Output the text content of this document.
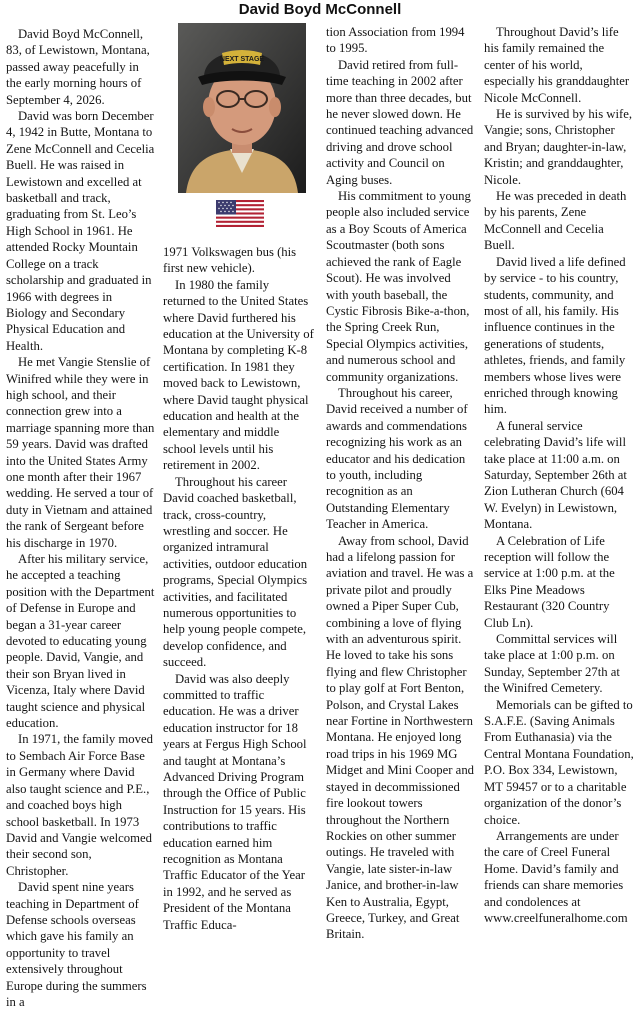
David Boyd McConnell
NEXT STAGE

David Boyd McConnell, 83, of Lewistown, Montana, passed away peacefully in the early morning hours of September 4, 2026.

David was born December 4, 1942 in Butte, Montana to Zene McConnell and Cecelia Buell. He was raised in Lewistown and excelled at basketball and track, graduating from St. Leo’s High School in 1961. He attended Rocky Mountain College on a track scholarship and graduated in 1966 with degrees in Biology and Secondary Physical Education and Health.

He met Vangie Stenslie of Winifred while they were in high school, and their connection grew into a marriage spanning more than 59 years. David was drafted into the United States Army one month after their 1967 wedding. He served a tour of duty in Vietnam and attained the rank of Sergeant before his discharge in 1970.

After his military service, he accepted a teaching position with the Department of Defense in Europe and began a 31-year career devoted to educating young people. David, Vangie, and their son Bryan lived in Vicenza, Italy where David taught science and physical education.

In 1971, the family moved to Sembach Air Force Base in Germany where David also taught science and P.E., and coached boys high school basketball. In 1973 David and Vangie welcomed their second son, Christopher.

David spent nine years teaching in Department of Defense schools overseas which gave his family an opportunity to travel extensively throughout Europe during the summers in a

1971 Volkswagen bus (his first new vehicle).

In 1980 the family returned to the United States where David furthered his education at the University of Montana by completing K-8 certification. In 1981 they moved back to Lewistown, where David taught physical education and health at the elementary and middle school levels until his retirement in 2002.

Throughout his career David coached basketball, track, cross-country, wrestling and soccer. He organized intramural activities, outdoor education programs, Special Olympics activities, and facilitated numerous opportunities to help young people compete, develop confidence, and succeed.

David was also deeply committed to traffic education. He was a driver education instructor for 18 years at Fergus High School and taught at Montana’s Advanced Driving Program through the Office of Public Instruction for 15 years. His contributions to traffic education earned him recognition as Montana Traffic Educator of the Year in 1992, and he served as President of the Montana Traffic Educa-

tion Association from 1994 to 1995.

David retired from full-time teaching in 2002 after more than three decades, but he never slowed down. He continued teaching advanced driving and drove school activity and Council on Aging buses.

His commitment to young people also included service as a Boy Scouts of America Scoutmaster (both sons achieved the rank of Eagle Scout). He was involved with youth baseball, the Cystic Fibrosis Bike-a-thon, the Spring Creek Run, Special Olympics activities, and numerous school and community organizations.

Throughout his career, David received a number of awards and commendations recognizing his work as an educator and his dedication to youth, including recognition as an Outstanding Elementary Teacher in America.

Away from school, David had a lifelong passion for aviation and travel. He was a private pilot and proudly owned a Piper Super Cub, combining a love of flying with an adventurous spirit. He loved to take his sons flying and flew Christopher to play golf at Fort Benton, Polson, and Crystal Lakes near Fortine in Northwestern Montana. He enjoyed long road trips in his 1969 MG Midget and Mini Cooper and stayed in decommissioned fire lookout towers throughout the Northern Rockies on other summer outings. He traveled with Vangie, late sister-in-law Janice, and brother-in-law Ken to Australia, Egypt, Greece, Turkey, and Great Britain.

Throughout David’s life his family remained the center of his world, especially his granddaughter Nicole McConnell.

He is survived by his wife, Vangie; sons, Christopher and Bryan; daughter-in-law, Kristin; and granddaughter, Nicole.

He was preceded in death by his parents, Zene McConnell and Cecelia Buell.

David lived a life defined by service - to his country, students, community, and most of all, his family. His influence continues in the generations of students, athletes, friends, and family members whose lives were enriched through knowing him.

A funeral service celebrating David’s life will take place at 11:00 a.m. on Saturday, September 26th at Zion Lutheran Church (604 W. Evelyn) in Lewistown, Montana.

A Celebration of Life reception will follow the service at 1:00 p.m. at the Elks Pine Meadows Restaurant (320 Country Club Ln).

Committal services will take place at 1:00 p.m. on Sunday, September 27th at the Winifred Cemetery.

Memorials can be gifted to S.A.F.E. (Saving Animals From Euthanasia) via the Central Montana Foundation, P.O. Box 334, Lewistown, MT 59457 or to a charitable organization of the donor’s choice.

Arrangements are under the care of Creel Funeral Home. David’s family and friends can share memories and condolences at www.creelfuneralhome.com
